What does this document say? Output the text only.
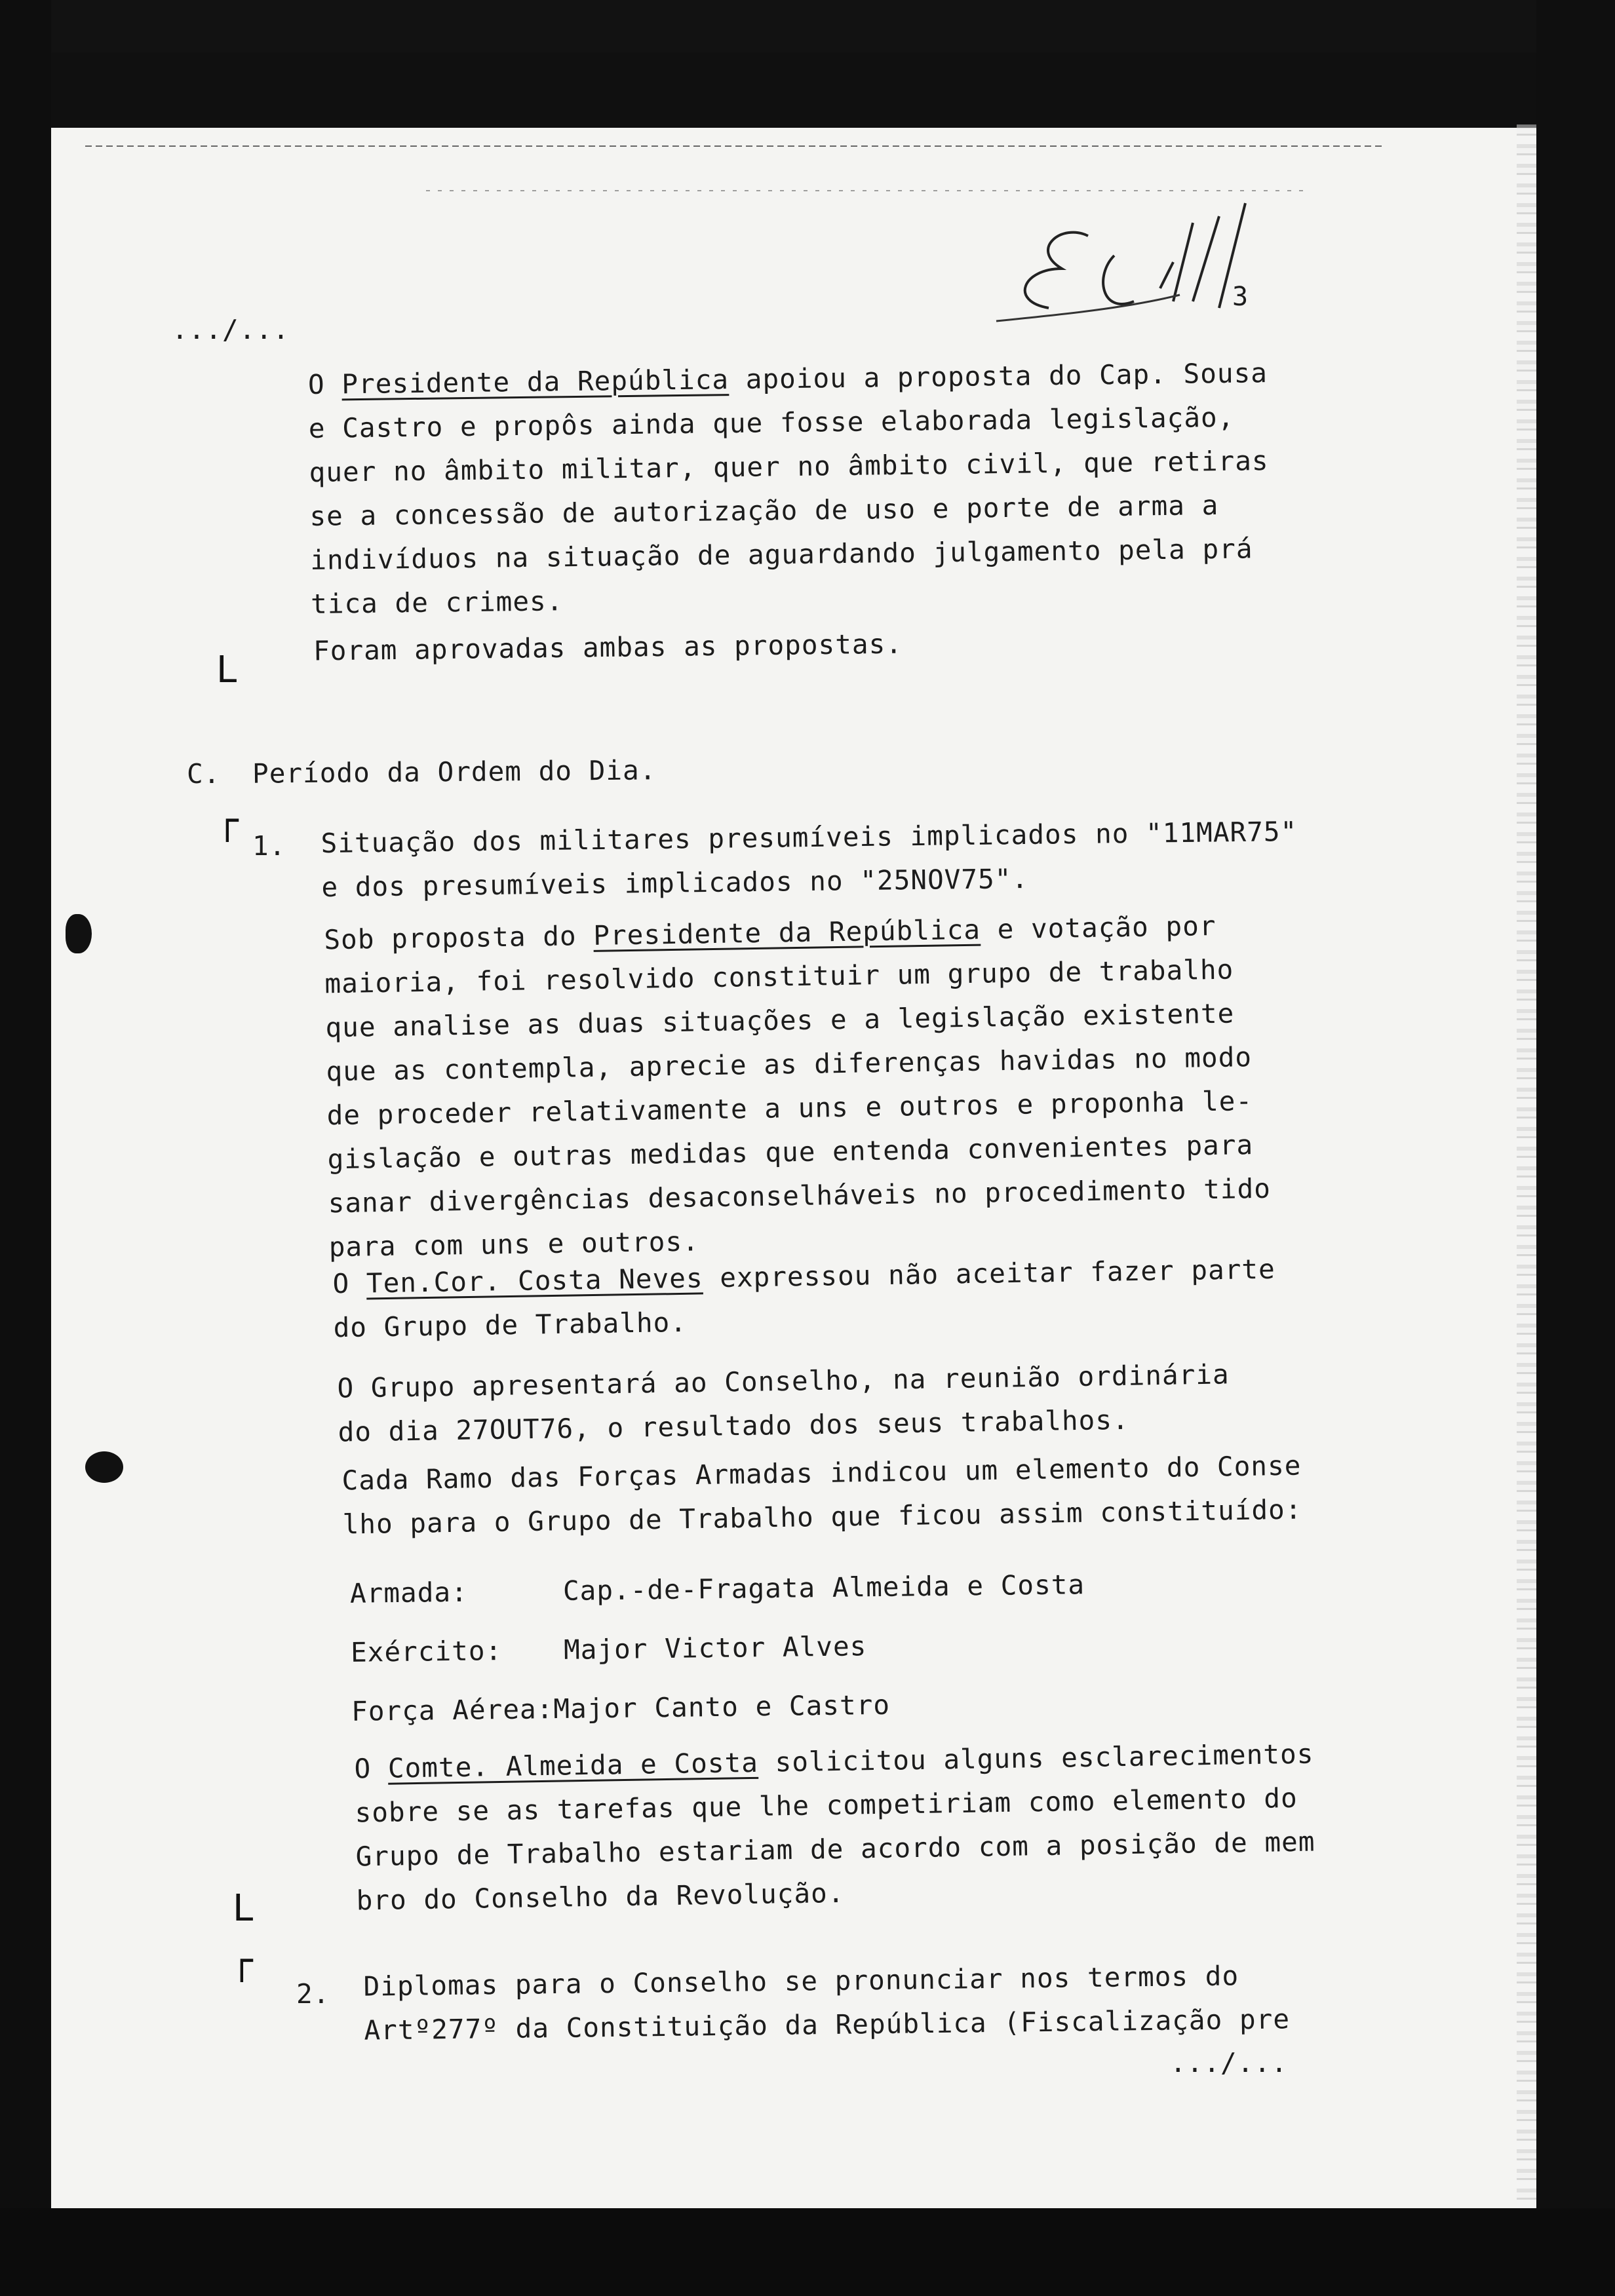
3
.../...
O Presidente da República apoiou a proposta do Cap. Sousa
e Castro e propôs ainda que fosse elaborada legislação,
quer no âmbito militar, quer no âmbito civil, que retiras
se a concessão de autorização de uso e porte de arma a
indivíduos na situação de aguardando julgamento pela prá
tica de crimes.
Foram aprovadas ambas as propostas.
L
C. Período da Ordem do Dia.
┌
1. Situação dos militares presumíveis implicados no "11MAR75"
e dos presumíveis implicados no "25NOV75".
Sob proposta do Presidente da República e votação por
maioria, foi resolvido constituir um grupo de trabalho
que analise as duas situações e a legislação existente
que as contempla, aprecie as diferenças havidas no modo
de proceder relativamente a uns e outros e proponha le-
gislação e outras medidas que entenda convenientes para
sanar divergências desaconselháveis no procedimento tido
para com uns e outros.
O Ten.Cor. Costa Neves expressou não aceitar fazer parte
do Grupo de Trabalho.
O Grupo apresentará ao Conselho, na reunião ordinária
do dia 27OUT76, o resultado dos seus trabalhos.
Cada Ramo das Forças Armadas indicou um elemento do Conse
lho para o Grupo de Trabalho que ficou assim constituído:
Armada:	Cap.-de-Fragata Almeida e Costa
Exército: Major Victor Alves
Força Aérea:Major Canto e Castro
O Comte. Almeida e Costa solicitou alguns esclarecimentos
sobre se as tarefas que lhe competiriam como elemento do
Grupo de Trabalho estariam de acordo com a posição de mem
bro do Conselho da Revolução.
L
┌
2. Diplomas para o Conselho se pronunciar nos termos do
Artº277º da Constituição da República (Fiscalização pre
.../...
